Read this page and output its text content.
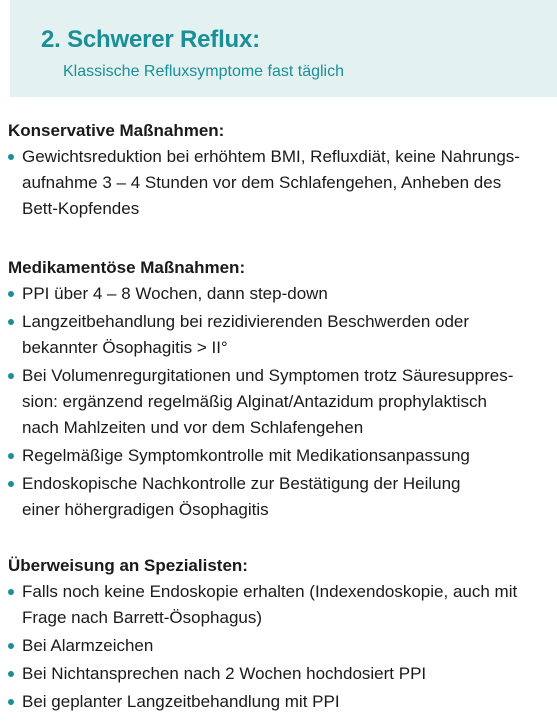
2. Schwerer Reflux:
Klassische Refluxsymptome fast täglich
Konservative Maßnahmen:
Gewichtsreduktion bei erhöhtem BMI, Refluxdiät, keine Nahrungs-
aufnahme 3 – 4 Stunden vor dem Schlafengehen, Anheben des
Bett-Kopfendes
Medikamentöse Maßnahmen:
PPI über 4 – 8 Wochen, dann step-down
Langzeitbehandlung bei rezidivierenden Beschwerden oder
bekannter Ösophagitis > II°
Bei Volumenregurgitationen und Symptomen trotz Säuresuppres-
sion: ergänzend regelmäßig Alginat/Antazidum prophylaktisch
nach Mahlzeiten und vor dem Schlafengehen
Regelmäßige Symptomkontrolle mit Medikationsanpassung
Endoskopische Nachkontrolle zur Bestätigung der Heilung
einer höhergradigen Ösophagitis
Überweisung an Spezialisten:
Falls noch keine Endoskopie erhalten (Indexendoskopie, auch mit
Frage nach Barrett-Ösophagus)
Bei Alarmzeichen
Bei Nichtansprechen nach 2 Wochen hochdosiert PPI
Bei geplanter Langzeitbehandlung mit PPI
